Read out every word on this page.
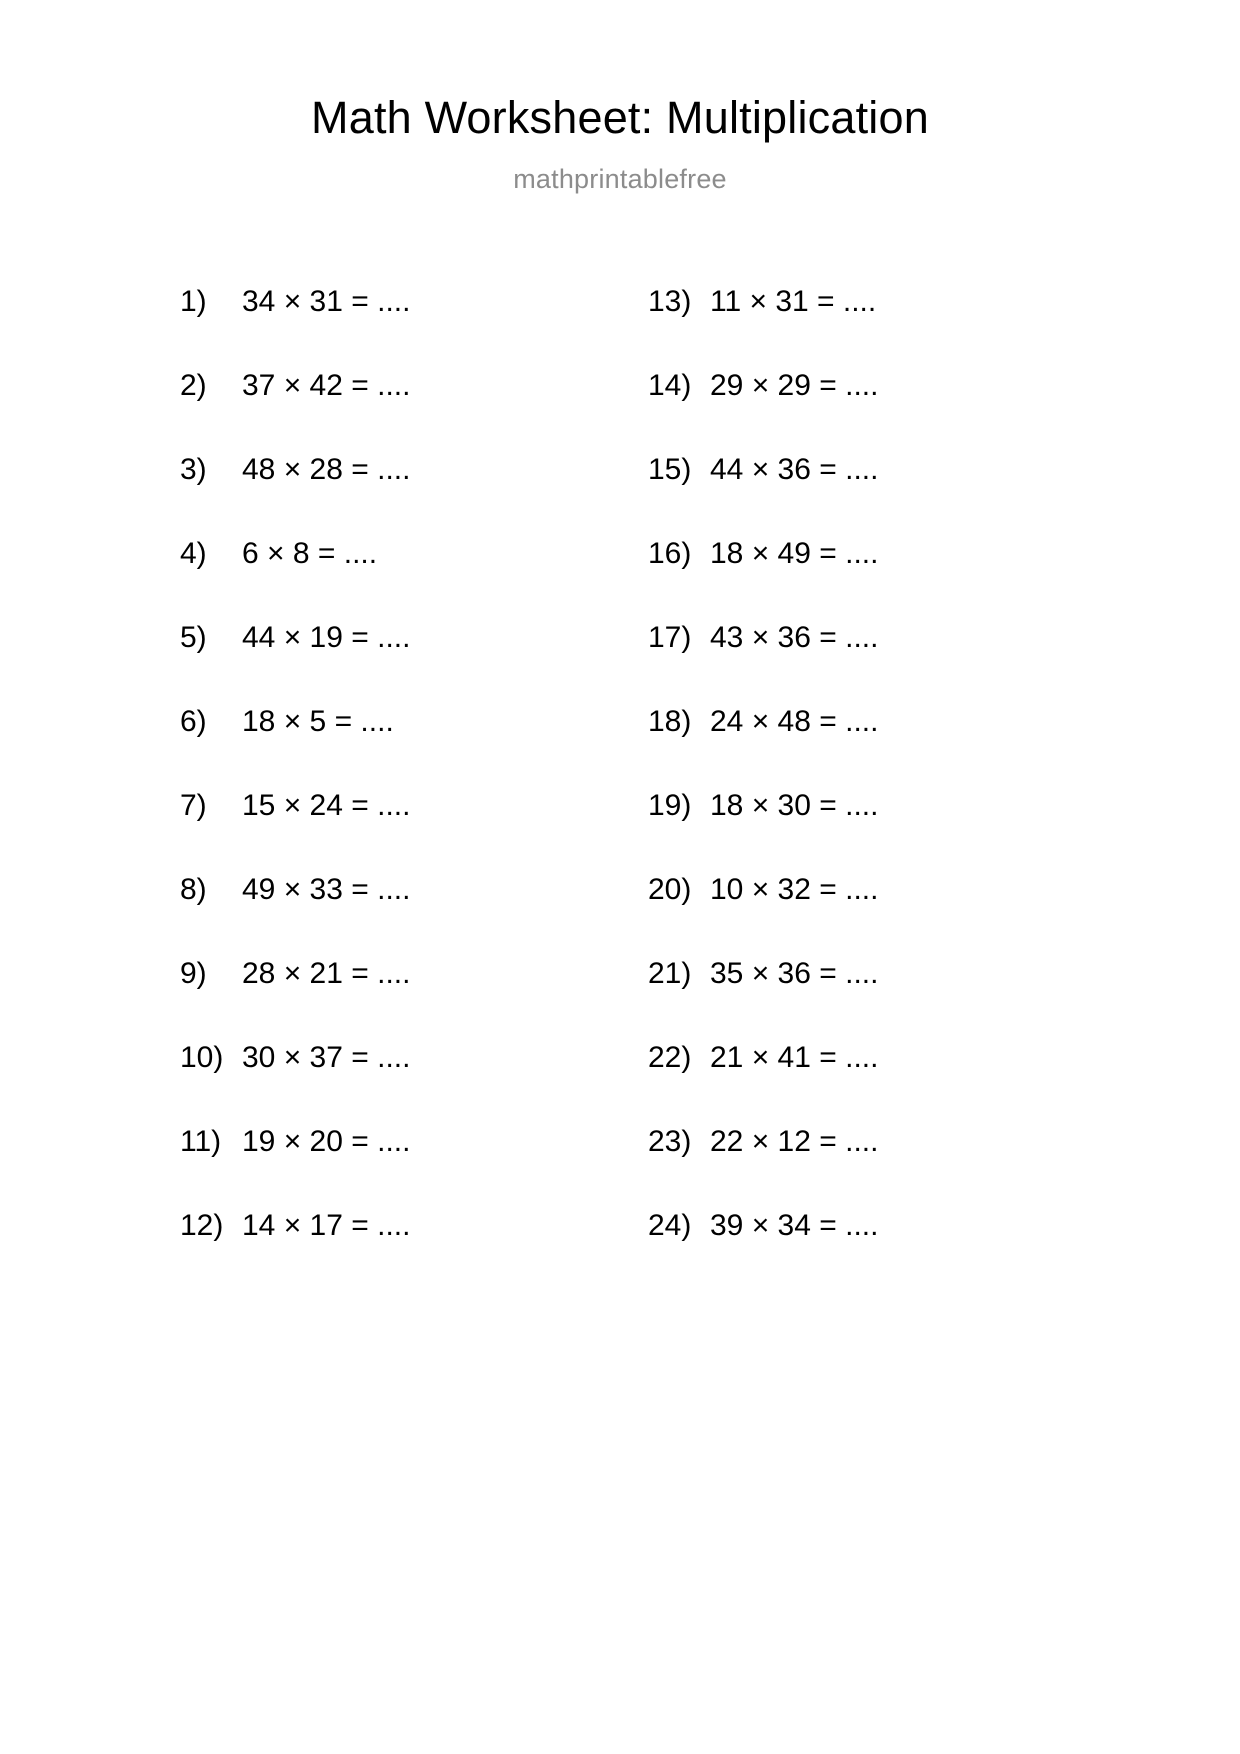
Math Worksheet: Multiplication
mathprintablefree
1)	34 × 31 = ....
2)	37 × 42 = ....
3)	48 × 28 = ....
4)	6 × 8 = ....
5)	44 × 19 = ....
6)	18 × 5 = ....
7)	15 × 24 = ....
8)	49 × 33 = ....
9)	28 × 21 = ....
10) 30 × 37 = ....
11) 19 × 20 = ....
12) 14 × 17 = ....
13) 11 × 31 = ....
14) 29 × 29 = ....
15) 44 × 36 = ....
16) 18 × 49 = ....
17) 43 × 36 = ....
18) 24 × 48 = ....
19) 18 × 30 = ....
20) 10 × 32 = ....
21) 35 × 36 = ....
22) 21 × 41 = ....
23) 22 × 12 = ....
24) 39 × 34 = ....
